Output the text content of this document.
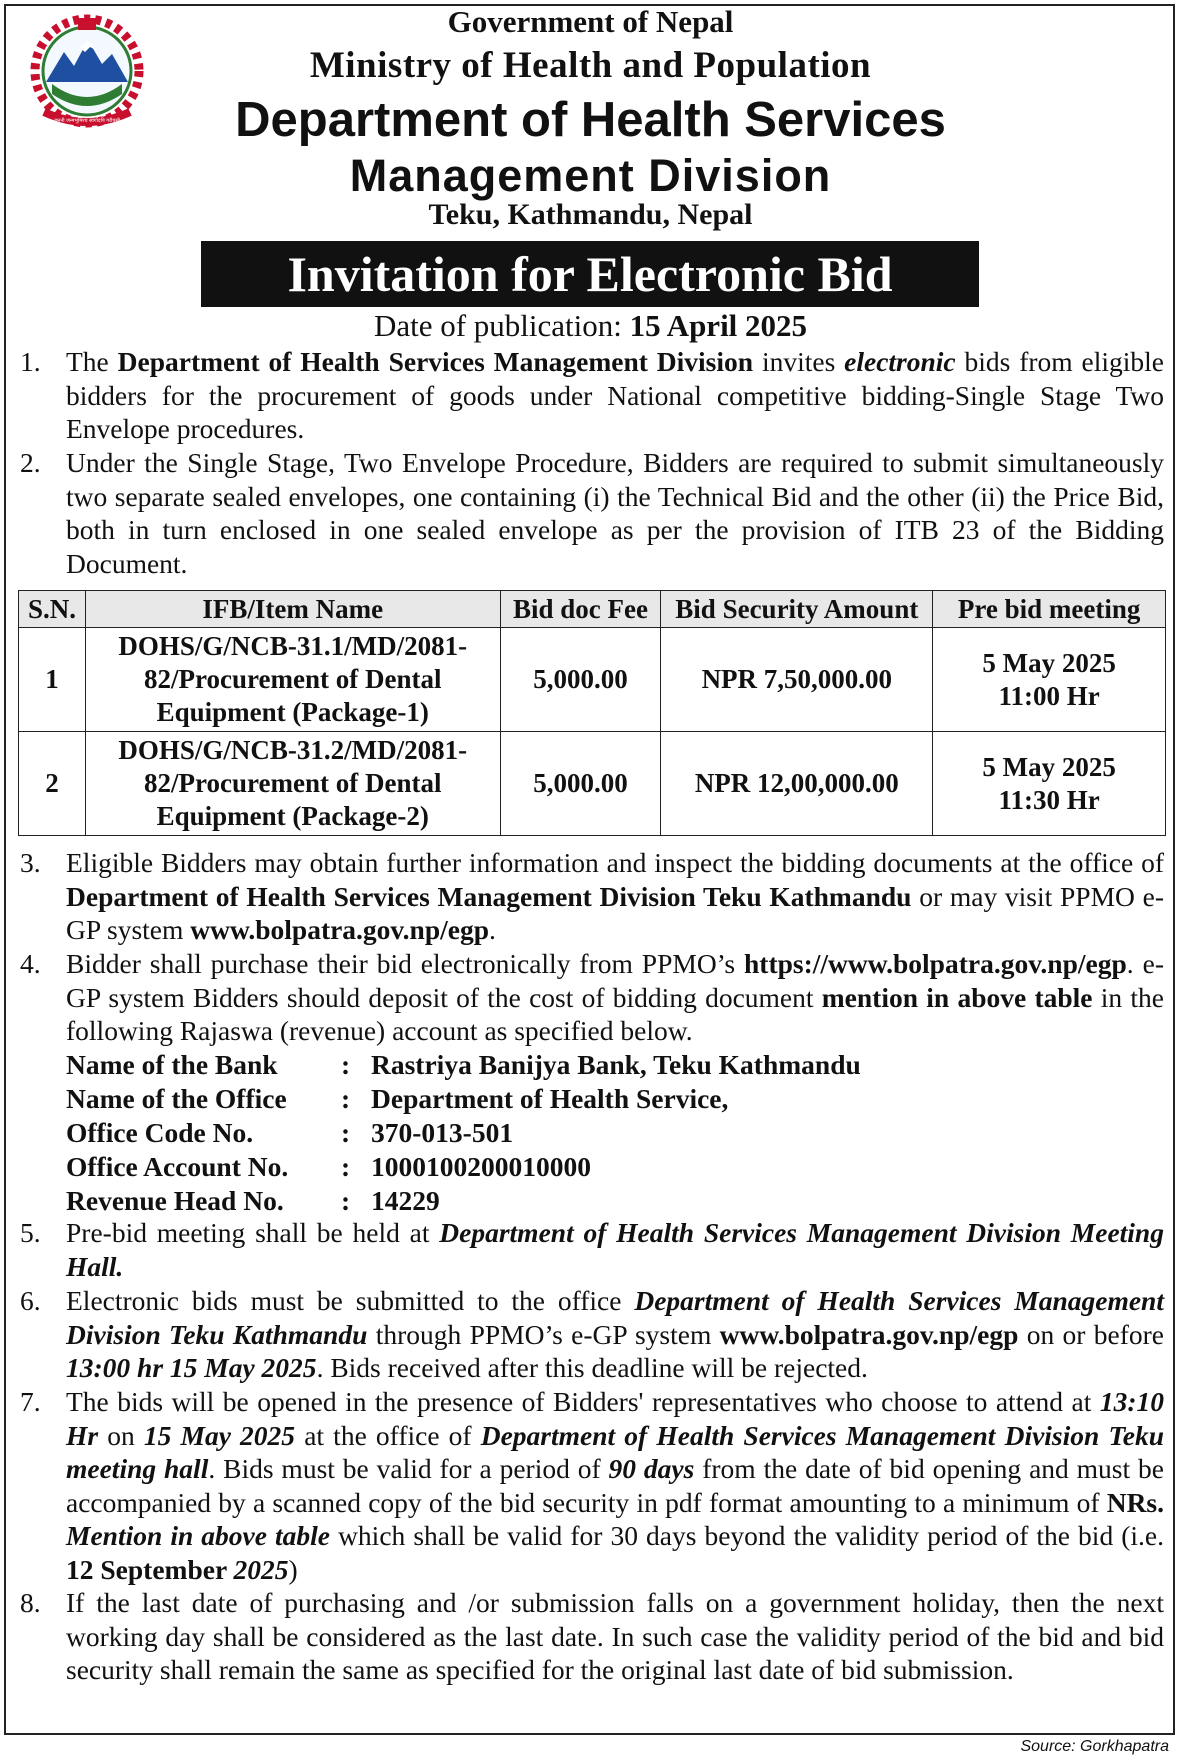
जननी जन्मभूमिश्च स्वर्गादपि गरीयसी
Government of Nepal
Ministry of Health and Population
Department of Health Services
Management Division
Teku, Kathmandu, Nepal
Invitation for Electronic Bid
Date of publication: 15 April 2025
1. The Department of Health Services Management Division invites electronic bids from eligible bidders for the procurement of goods under National competitive bidding-Single Stage Two Envelope procedures.
2. Under the Single Stage, Two Envelope Procedure, Bidders are required to submit simultaneously two separate sealed envelopes, one containing (i) the Technical Bid and the other (ii) the Price Bid, both in turn enclosed in one sealed envelope as per the provision of ITB 23 of the Bidding Document.
S.N.	IFB/Item Name	Bid doc Fee	Bid Security Amount	Pre bid meeting
1	DOHS/G/NCB-31.1/MD/2081-82/Procurement of Dental Equipment (Package-1)	5,000.00	NPR 7,50,000.00	5 May 2025
11:00 Hr

2	DOHS/G/NCB-31.2/MD/2081-82/Procurement of Dental Equipment (Package-2)	5,000.00	NPR 12,00,000.00	5 May 2025
11:30 Hr
3. Eligible Bidders may obtain further information and inspect the bidding documents at the office of Department of Health Services Management Division Teku Kathmandu or may visit PPMO e-GP system www.bolpatra.gov.np/egp.
4. Bidder shall purchase their bid electronically from PPMO’s https://www.bolpatra.gov.np/egp. e-GP system Bidders should deposit of the cost of bidding document mention in above table in the following Rajaswa (revenue) account as specified below.
Name of the Bank : Rastriya Banijya Bank, Teku Kathmandu
Name of the Office : Department of Health Service,
Office Code No.	: 370-013-501
Office Account No. : 1000100200010000
Revenue Head No. : 14229
5. Pre-bid meeting shall be held at Department of Health Services Management Division Meeting Hall.
6. Electronic bids must be submitted to the office Department of Health Services Management Division Teku Kathmandu through PPMO’s e-GP system www.bolpatra.gov.np/egp on or before 13:00 hr 15 May 2025. Bids received after this deadline will be rejected.
7. The bids will be opened in the presence of Bidders' representatives who choose to attend at 13:10 Hr on 15 May 2025 at the office of Department of Health Services Management Division Teku meeting hall. Bids must be valid for a period of 90 days from the date of bid opening and must be accompanied by a scanned copy of the bid security in pdf format amounting to a minimum of NRs. Mention in above table which shall be valid for 30 days beyond the validity period of the bid (i.e. 12 September 2025)
8. If the last date of purchasing and /or submission falls on a government holiday, then the next working day shall be considered as the last date. In such case the validity period of the bid and bid security shall remain the same as specified for the original last date of bid submission.
Source: Gorkhapatra
